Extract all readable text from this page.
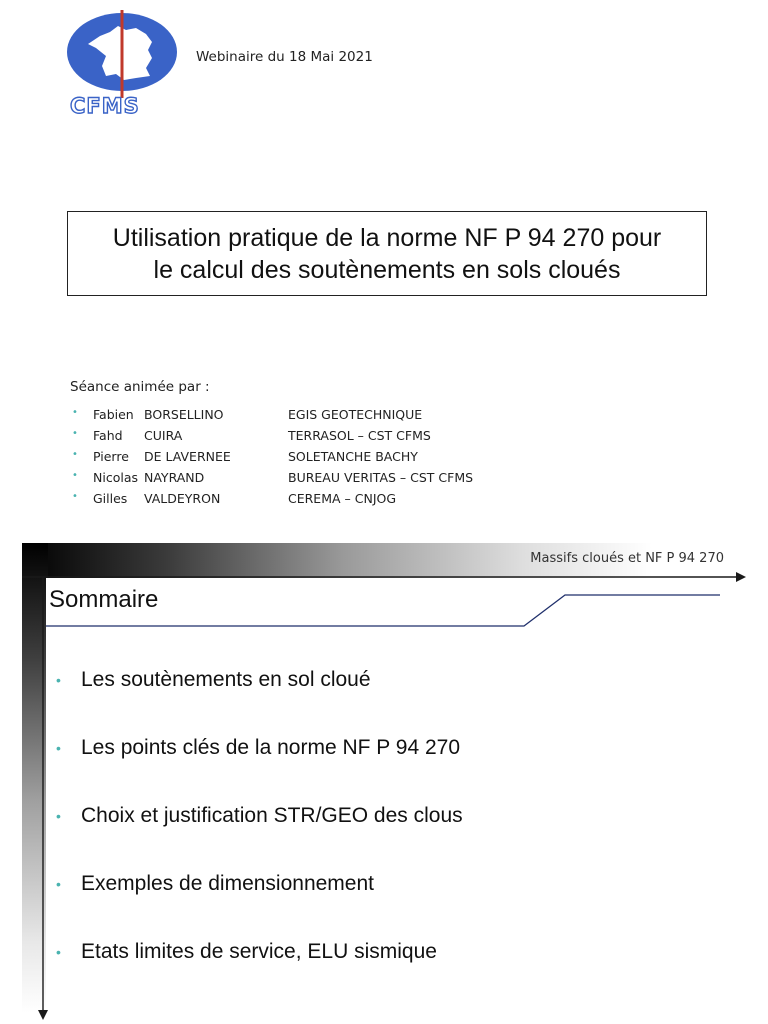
CFMS
Webinaire du 18 Mai 2021
Utilisation pratique de la norme NF P 94 270 pour
le calcul des soutènements en sols cloués
Séance animée par :
• Fabien BORSELLINO	EGIS GEOTECHNIQUE
• Fahd CUIRA	TERRASOL – CST CFMS
• Pierre DE LAVERNEE	SOLETANCHE BACHY
• Nicolas NAYRAND	BUREAU VERITAS – CST CFMS
• Gilles VALDEYRON	CEREMA – CNJOG
Massifs cloués et NF P 94 270
Sommaire
• Les soutènements en sol cloué
• Les points clés de la norme NF P 94 270
• Choix et justification STR/GEO des clous
• Exemples de dimensionnement
• Etats limites de service, ELU sismique
